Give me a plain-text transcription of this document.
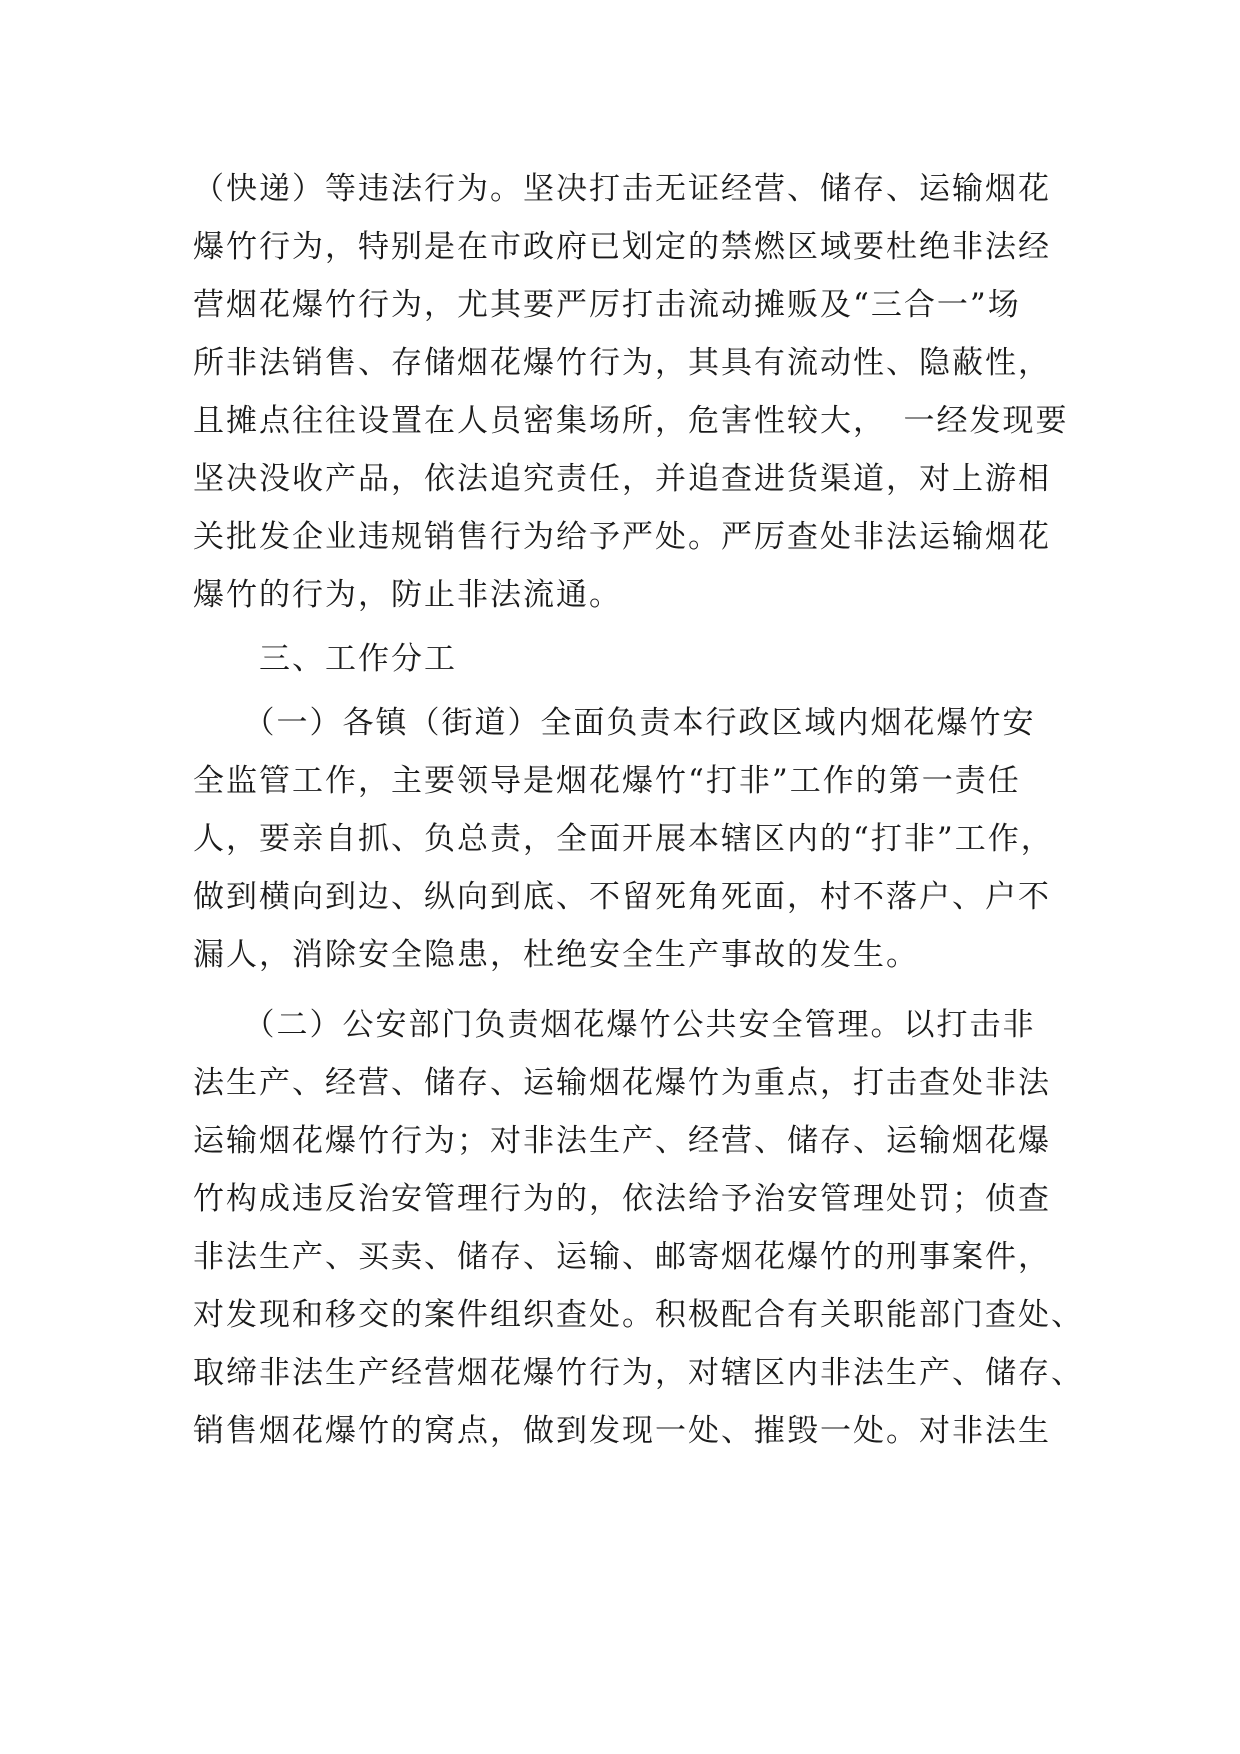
（快递）等违法行为。坚决打击无证经营、储存、运输烟花
爆竹行为，特别是在市政府已划定的禁燃区域要杜绝非法经
营烟花爆竹行为，尤其要严厉打击流动摊贩及“三合一”场
所非法销售、存储烟花爆竹行为，其具有流动性、隐蔽性，
且摊点往往设置在人员密集场所，危害性较大，　一经发现要
坚决没收产品，依法追究责任，并追查进货渠道，对上游相
关批发企业违规销售行为给予严处。严厉查处非法运输烟花
爆竹的行为，防止非法流通。
　　三、工作分工
　　（一）各镇（街道）全面负责本行政区域内烟花爆竹安
全监管工作，主要领导是烟花爆竹“打非”工作的第一责任
人，要亲自抓、负总责，全面开展本辖区内的“打非”工作，
做到横向到边、纵向到底、不留死角死面，村不落户、户不
漏人，消除安全隐患，杜绝安全生产事故的发生。
　　（二）公安部门负责烟花爆竹公共安全管理。以打击非
法生产、经营、储存、运输烟花爆竹为重点，打击查处非法
运输烟花爆竹行为；对非法生产、经营、储存、运输烟花爆
竹构成违反治安管理行为的，依法给予治安管理处罚；侦查
非法生产、买卖、储存、运输、邮寄烟花爆竹的刑事案件，
对发现和移交的案件组织查处。积极配合有关职能部门查处、
取缔非法生产经营烟花爆竹行为，对辖区内非法生产、储存、
销售烟花爆竹的窝点，做到发现一处、摧毁一处。对非法生
